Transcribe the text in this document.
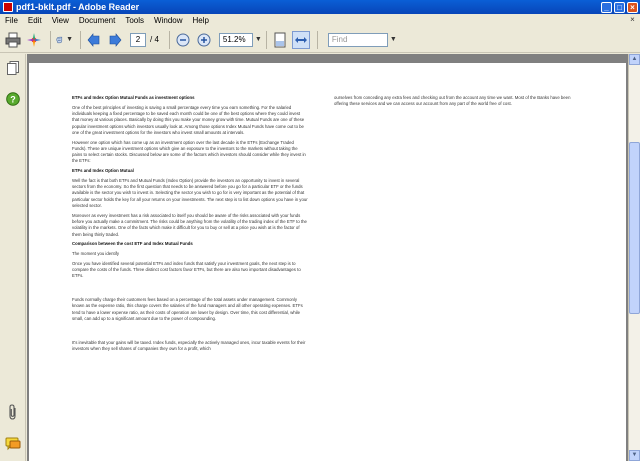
pdf1-bklt.pdf - Adobe Reader	_	□	×
File	Edit	View	Document	Tools	Window	Help	×
▼	2	/ 4	51.2%	▼	Find	▼
?	ETFs and Index Option Mutual Funds as investment options

One of the best principles of investing is saving a small percentage every time you earn something. For the salaried individuals keeping a fixed percentage to be saved each month could be one of the best options where they could invest that money at various places. Basically by doing this you make your money grow with time. Mutual Funds are one of these popular investment options which investors usually look at. Among those options Index Mutual Funds have come out to be one of the great investment options for the investors who invest small amounts at intervals.

However one option which has come up as an investment option over the last decade is the ETFs (Exchange Traded Funds). These are unique investment options which give an exposure to the investors to the markets without taking the pains to select certain stocks. Discussed below are some of the factors which investors should consider while they invest in the ETFs:

ETFs and Index Option Mutual

Well the fact is that both ETFs and Mutual Funds (Index Option) provide the investors an opportunity to invest in several sectors from the economy. So the first question that needs to be answered before you go for a particular ETF or the funds available is the sector you wish to invest in. Selecting the sector you wish to go for is very important as the potential of that particular sector holds the key for all your returns on your investments. The next step is to list down options you have in your selected sector.

Moreover as every investment has a risk associated to itself you should be aware of the risks associated with your funds before you actually make a commitment. The risks could be anything from the volatility of the trading index of the ETF to the volatility in the markets. One of the facts which make it difficult for you to buy or sell at a price you wish at is the factor of them being thinly traded.

Comparison between the cost ETF and Index Mutual Funds

The moment you identify

Once you have identified several potential ETFs and index funds that satisfy your investment goals, the next step is to compare the costs of the funds. Three distinct cost factors favor ETFs, but there are also two important disadvantages to ETFs.

Funds normally charge their customers fees based on a percentage of the total assets under management. Commonly known as the expense ratio, this charge covers the salaries of the fund managers and all other operating expenses. ETFs tend to have a lower expense ratio, as their costs of operation are lower by design. Over time, this cost differential, while small, can add up to a significant amount due to the power of compounding.

It's inevitable that your gains will be taxed. Index funds, especially the actively managed ones, incur taxable events for their investors when they sell shares of companies they own for a profit, which

ourselves from conceding any extra fees and checking out from the account any time we want. Most of the Banks have been offering these services and we can access our account from any part of the world free of cost.

▲
▼
